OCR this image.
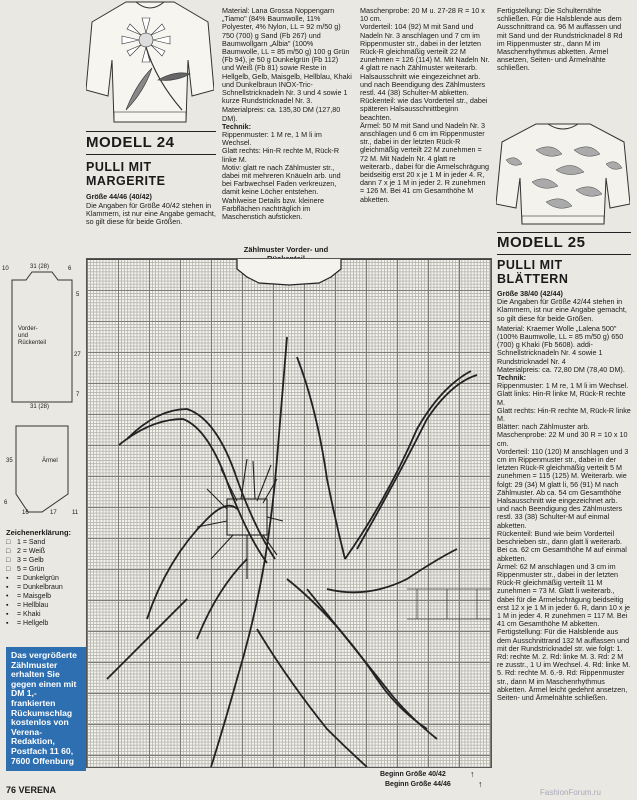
MODELL 24
PULLI MIT
MARGERITE
Größe 44/46 (40/42)
Die Angaben für Größe 40/42 stehen in Klammern, ist nur eine Angabe gemacht, so gilt diese für beide Größen.

Material: Lana Grossa Noppengarn „Tiamo" (84% Baumwolle, 11% Polyester, 4% Nylon, LL = 92 m/50 g) 750 (700) g Sand (Fb 267) und Baumwollgarn „Albia" (100% Baumwolle, LL = 85 m/50 g) 100 g Grün (Fb 94), je 50 g Dunkelgrün (Fb 112) und Weiß (Fb 81) sowie Reste in Hellgelb, Gelb, Maisgelb, Hellblau, Khaki und Dunkelbraun INOX-Tric-Schnellstricknadeln Nr. 3 und 4 sowie 1 kurze Rundstricknadel Nr. 3.

Materialpreis: ca. 135,30 DM (127,80 DM).

Technik:

Rippenmuster: 1 M re, 1 M li im Wechsel.

Glatt rechts: Hin-R rechte M, Rück-R linke M.

Motiv: glatt re nach Zählmuster str., dabei mit mehreren Knäueln arb. und bei Farbwechsel Faden verkreuzen, damit keine Löcher entstehen. Wahlweise Details bzw. kleinere Farbflächen nachträglich im Maschenstich aufsticken.

Maschenprobe: 20 M u. 27-28 R = 10 x 10 cm.

Vorderteil: 104 (92) M mit Sand und Nadeln Nr. 3 anschlagen und 7 cm im Rippenmuster str., dabei in der letzten Rück-R gleichmäßig verteilt 22 M zunehmen = 126 (114) M. Mit Nadeln Nr. 4 glatt re nach Zählmuster weiterarb. Halsausschnitt wie eingezeichnet arb. und nach Beendigung des Zählmusters restl. 44 (38) Schulter-M abketten.

Rückenteil: wie das Vorderteil str., dabei späteren Halsausschnittbeginn beachten.

Ärmel: 50 M mit Sand und Nadeln Nr. 3 anschlagen und 6 cm im Rippenmuster str., dabei in der letzten Rück-R gleichmäßig verteilt 22 M zunehmen = 72 M. Mit Nadeln Nr. 4 glatt re weiterarb., dabei für die Armelschrägung beidseitig erst 20 x je 1 M in jeder 4. R, dann 7 x je 1 M in jeder 2. R zunehmen = 126 M. Bei 41 cm Gesamthöhe M abketten.

Fertigstellung: Die Schulternähte schließen. Für die Halsblende aus dem Ausschnittrand ca. 96 M auffassen und mit Sand und der Rundstricknadel 8 Rd im Rippenmuster str., dann M im Maschenrhythmus abketten. Ärmel ansetzen, Seiten- und Ärmelnähte schließen.
MODELL 25
PULLI MIT
BLÄTTERN

Größe 38/40 (42/44)

Die Angaben für Größe 42/44 stehen in Klammern, ist nur eine Angabe gemacht, so gilt diese für beide Größen.

Material: Kraemer Wolle „Lalena 500" (100% Baumwolle, LL = 85 m/50 g) 650 (700) g Khaki (Fb 5608). addi-Schnellstricknadeln Nr. 4 sowie 1 Rundstricknadel Nr. 4

Materialpreis: ca. 72,80 DM (78,40 DM).

Technik:

Rippenmuster: 1 M re, 1 M li im Wechsel.

Glatt links: Hin-R linke M, Rück-R rechte M.

Glatt rechts: Hin-R rechte M, Rück-R linke M.

Blätter: nach Zählmuster arb.

Maschenprobe: 22 M und 30 R = 10 x 10 cm.

Vorderteil: 110 (120) M anschlagen und 3 cm im Rippenmuster str., dabei in der letzten Rück-R gleichmäßig verteilt 5 M zunehmen = 115 (125) M. Weiterarb. wie folgt: 29 (34) M glatt li, 56 (91) M nach Zählmuster. Ab ca. 54 cm Gesamthöhe Halsausschnitt wie eingezeichnet arb. und nach Beendigung des Zählmusters restl. 33 (38) Schulter-M auf einmal abketten.

Rückenteil: Bund wie beim Vorderteil beschrieben str., dann glatt li weiterarb. Bei ca. 62 cm Gesamthöhe M auf einmal abketten.

Ärmel: 62 M anschlagen und 3 cm im Rippenmuster str., dabei in der letzten Rück-R gleichmäßig verteilt 11 M zunehmen = 73 M. Glatt li weiterarb., dabei für die Ärmelschrägung beidseitig erst 12 x je 1 M in jeder 6. R, dann 10 x je 1 M in jeder 4. R zunehmen = 117 M. Bei 41 cm Gesamthöhe M abketten.

Fertigstellung: Für die Halsblende aus dem Ausschnittrand 132 M auffassen und mit der Rundstricknadel str. wie folgt: 1. Rd: rechte M. 2. Rd: linke M. 3. Rd: 2 M re zusstr., 1 U im Wechsel. 4. Rd: linke M. 5. Rd: rechte M. 6.-9. Rd: Rippenmuster str., dann M im Maschenrhythmus abketten. Ärmel leicht gedehnt ansetzen, Seiten- und Ärmelnähte schließen.

Zählmuster Vorder- und
Beginn Größe 40/42
Beginn Größe 44/46
↑
↑
10	31 (28)	6
5
27
7
Vorder-
und
Rückenteil
31 (28)
Ärmel
35
6
16	17	11
Zeichenerklärung:
□ 1 = Sand
□ 2 = Weiß
□ 3 = Gelb
□ 5 = Grün
▪	= Dunkelgrün
▪	= Dunkelbraun
•	= Maisgelb
▪	= Hellblau
▪	= Khaki
▪	= Hellgelb
Das vergrößerte Zählmuster erhalten Sie gegen einen mit DM 1,- frankierten Rückumschlag kostenlos von Verena-Redaktion, Postfach 11 60, 7600 Offenburg
76 VERENA	FashionForum.ru
